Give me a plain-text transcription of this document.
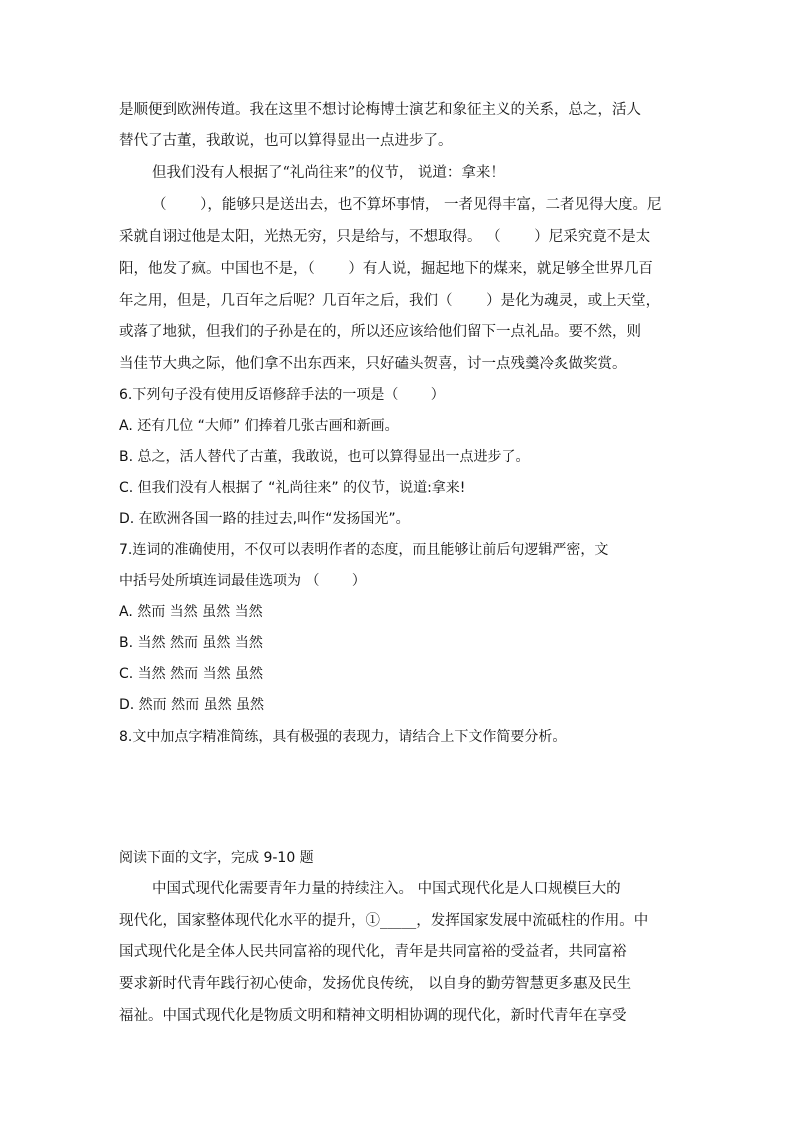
是顺便到欧洲传道。我在这里不想讨论梅博士演艺和象征主义的关系，总之，活人
替代了古董，我敢说，也可以算得显出一点进步了。
但我们没有人根据了“礼尚往来”的仪节， 说道：拿来！
（　　 ），能够只是送出去，也不算坏事情， 一者见得丰富，二者见得大度。尼
采就自诩过他是太阳，光热无穷，只是给与，不想取得。 （　　 ）尼采究竟不是太
阳，他发了疯。中国也不是，（　　 ）有人说，掘起地下的煤来，就足够全世界几百
年之用，但是，几百年之后呢？几百年之后，我们（　　 ）是化为魂灵，或上天堂，
或落了地狱，但我们的子孙是在的，所以还应该给他们留下一点礼品。要不然，则
当佳节大典之际，他们拿不出东西来，只好磕头贺喜，讨一点残羹冷炙做奖赏。
6.下列句子没有使用反语修辞手法的一项是（　　 ）
A. 还有几位 “大师” 们捧着几张古画和新画。
B. 总之，活人替代了古董，我敢说，也可以算得显出一点进步了。
C. 但我们没有人根据了 “礼尚往来” 的仪节，说道:拿来!
D. 在欧洲各国一路的挂过去,叫作“发扬国光”。
7.连词的准确使用，不仅可以表明作者的态度，而且能够让前后句逻辑严密，文
中括号处所填连词最佳选项为 （　　 ）
A. 然而 当然 虽然 当然
B. 当然 然而 虽然 当然
C. 当然 然而 当然 虽然
D. 然而 然而 虽然 虽然
8.文中加点字精准简练，具有极强的表现力，请结合上下文作简要分析。
阅读下面的文字，完成 9-10 题
中国式现代化需要青年力量的持续注入。 中国式现代化是人口规模巨大的
现代化，国家整体现代化水平的提升，①_____，发挥国家发展中流砥柱的作用。中
国式现代化是全体人民共同富裕的现代化，青年是共同富裕的受益者，共同富裕
要求新时代青年践行初心使命，发扬优良传统， 以自身的勤劳智慧更多惠及民生
福祉。中国式现代化是物质文明和精神文明相协调的现代化，新时代青年在享受
